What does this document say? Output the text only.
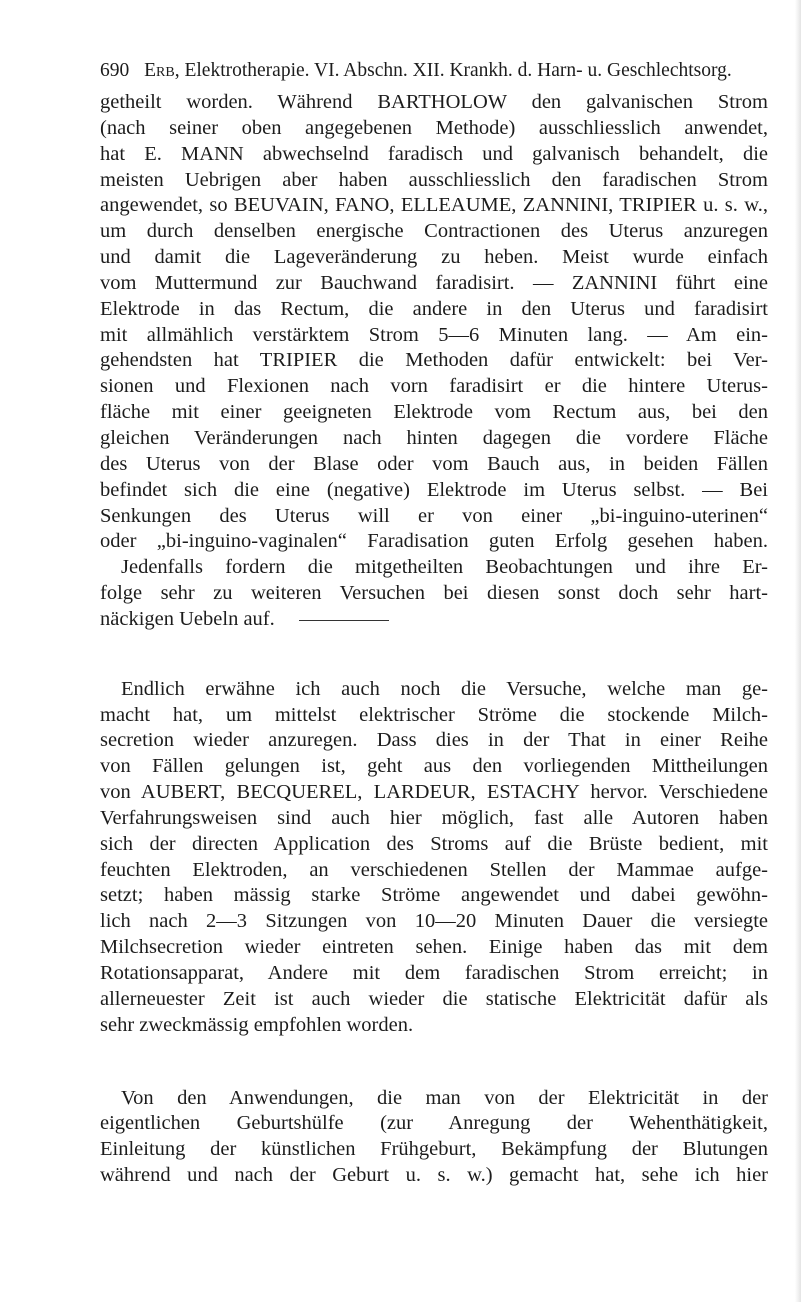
690 Erb, Elektrotherapie. VI. Abschn. XII. Krankh. d. Harn- u. Geschlechtsorg.
getheilt worden. Während BARTHOLOW den galvanischen Strom
(nach seiner oben angegebenen Methode) ausschliesslich anwendet,
hat E. MANN abwechselnd faradisch und galvanisch behandelt, die
meisten Uebrigen aber haben ausschliesslich den faradischen Strom
angewendet, so BEUVAIN, FANO, ELLEAUME, ZANNINI, TRIPIER u. s. w.,
um durch denselben energische Contractionen des Uterus anzuregen
und damit die Lageveränderung zu heben. Meist wurde einfach
vom Muttermund zur Bauchwand faradisirt. — ZANNINI führt eine
Elektrode in das Rectum, die andere in den Uterus und faradisirt
mit allmählich verstärktem Strom 5—6 Minuten lang. — Am ein-
gehendsten hat TRIPIER die Methoden dafür entwickelt: bei Ver-
sionen und Flexionen nach vorn faradisirt er die hintere Uterus-
fläche mit einer geeigneten Elektrode vom Rectum aus, bei den
gleichen Veränderungen nach hinten dagegen die vordere Fläche
des Uterus von der Blase oder vom Bauch aus, in beiden Fällen
befindet sich die eine (negative) Elektrode im Uterus selbst. — Bei
Senkungen des Uterus will er von einer „bi-inguino-uterinen“
oder „bi-inguino-vaginalen“ Faradisation guten Erfolg gesehen haben.
Jedenfalls fordern die mitgetheilten Beobachtungen und ihre Er-
folge sehr zu weiteren Versuchen bei diesen sonst doch sehr hart-
näckigen Uebeln auf.
Endlich erwähne ich auch noch die Versuche, welche man ge-
macht hat, um mittelst elektrischer Ströme die stockende Milch-
secretion wieder anzuregen. Dass dies in der That in einer Reihe
von Fällen gelungen ist, geht aus den vorliegenden Mittheilungen
von AUBERT, BECQUEREL, LARDEUR, ESTACHY hervor. Verschiedene
Verfahrungsweisen sind auch hier möglich, fast alle Autoren haben
sich der directen Application des Stroms auf die Brüste bedient, mit
feuchten Elektroden, an verschiedenen Stellen der Mammae aufge-
setzt; haben mässig starke Ströme angewendet und dabei gewöhn-
lich nach 2—3 Sitzungen von 10—20 Minuten Dauer die versiegte
Milchsecretion wieder eintreten sehen. Einige haben das mit dem
Rotationsapparat, Andere mit dem faradischen Strom erreicht; in
allerneuester Zeit ist auch wieder die statische Elektricität dafür als
sehr zweckmässig empfohlen worden.
Von den Anwendungen, die man von der Elektricität in der
eigentlichen Geburtshülfe (zur Anregung der Wehenthätigkeit,
Einleitung der künstlichen Frühgeburt, Bekämpfung der Blutungen
während und nach der Geburt u. s. w.) gemacht hat, sehe ich hier
